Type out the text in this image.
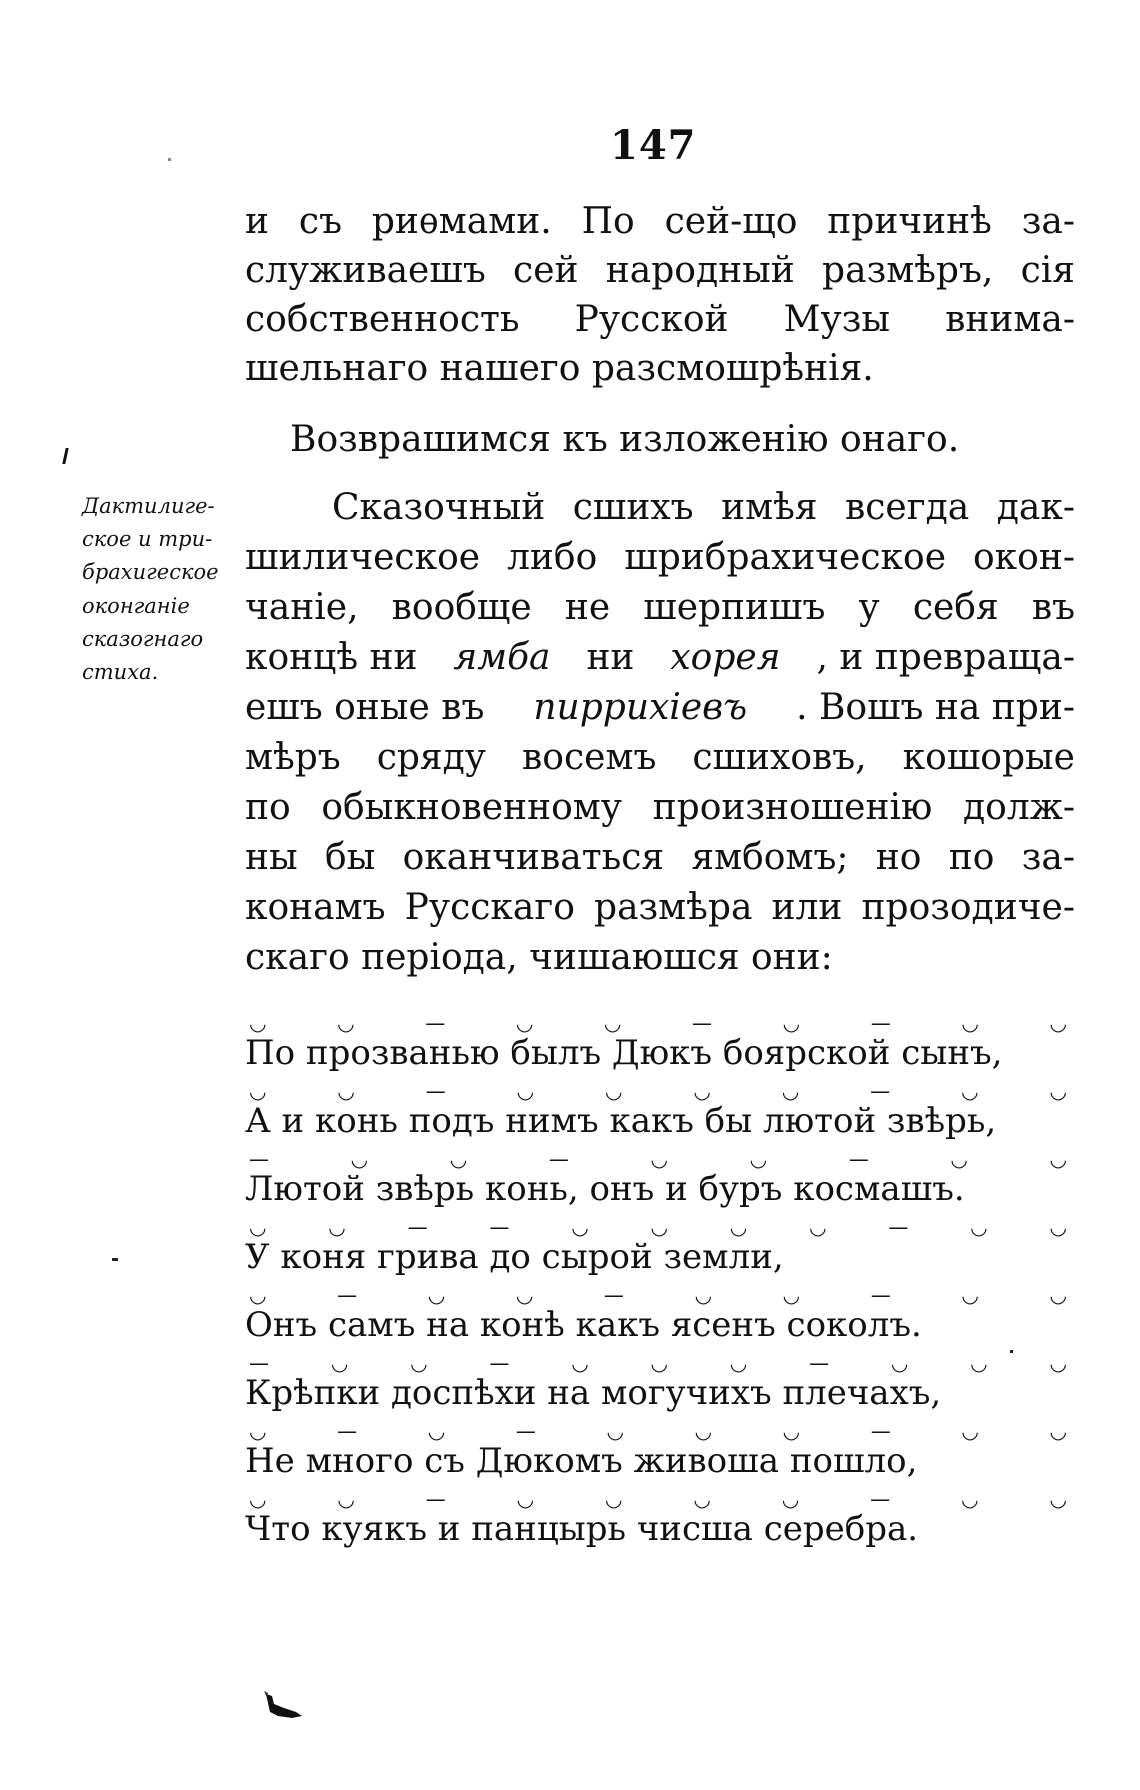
147
и съ риѳмами. По сей-що причинѣ за-
служиваешъ сей народный размѣръ, сія
собственность Русской Музы внима-
шельнаго нашего разсмошрѣнія.
Возврашимся къ изложенію онаго.
Дактилиге-
ское и три-
брахигеское
оконганіе
сказогнаго
стиха.
Сказочный сшихъ имѣя всегда дак-
шилическое либо шрибрахическое окон-
чаніе, вообще не шерпишъ у себя въ
концѣ ни ямба ни хорея , и превраща-
ешъ оные въ пиррихіевъ . Вошъ на при-
мѣръ сряду восемъ сшиховъ, кошорые
по обыкновенному произношенію долж-
ны бы оканчиваться ямбомъ; но по за-
конамъ Русскаго размѣра или прозодиче-
скаго періода, чишаюшся они:
◡	◡	—	◡	◡	—	◡	—	◡	◡
По прозванью былъ Дюкъ боярской сынъ,
◡	◡	—	◡	◡	◡	◡	—	◡	◡
А и конь подъ нимъ какъ бы лютой звѣрь,
—	◡	◡	—	◡	◡	—	◡	◡
Лютой звѣрь конь, онъ и буръ космашъ.
◡	◡	—	—	◡	◡	◡	◡	—	◡	◡
У коня грива до сырой земли,
◡	—	◡	◡	—	◡	◡	—	◡	◡
Онъ самъ на конѣ какъ ясенъ соколъ.
—	◡	◡	—	◡	◡	◡	—	◡	◡	◡
Крѣпки доспѣхи на могучихъ плечахъ,
◡	—	◡	—	◡	◡	◡	—	◡	◡
Не много съ Дюкомъ живоша пошло,
◡	◡	—	◡	◡	◡	◡	—	◡	◡
Что куякъ и панцырь чисша серебра.
